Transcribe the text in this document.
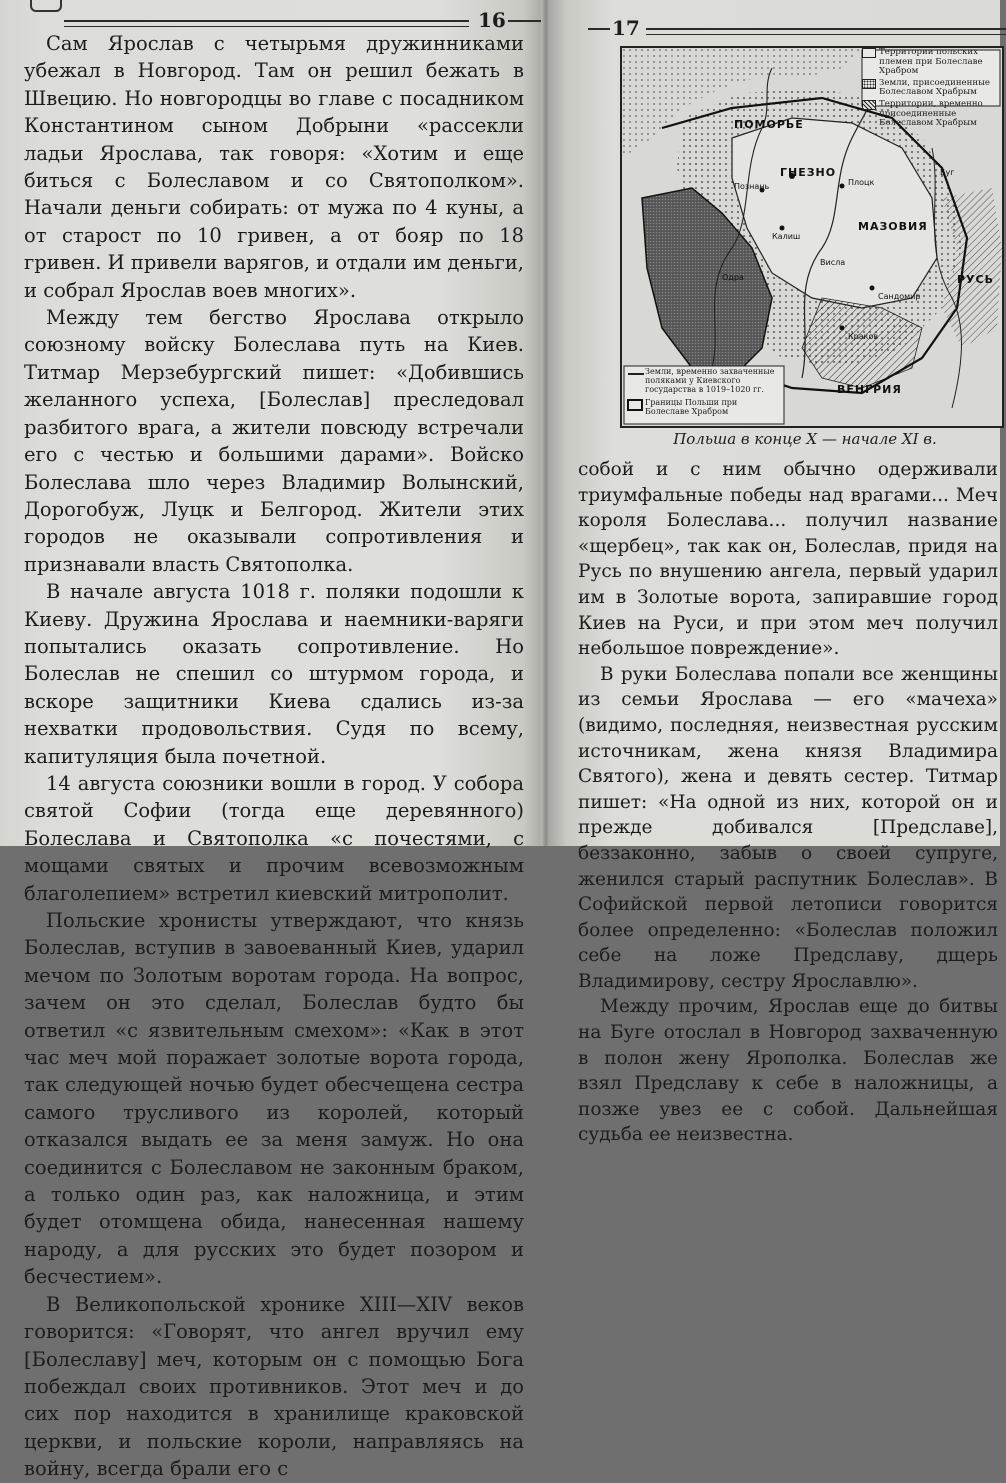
16

Сам Ярослав с четырьмя дружинниками убежал в Новгород. Там он решил бежать в Швецию. Но новгородцы во главе с посадником Константином сыном Добрыни «рассекли ладьи Ярослава, так говоря: «Хотим и еще биться с Болеславом и со Святополком». Начали деньги собирать: от мужа по 4 куны, а от старост по 10 гривен, а от бояр по 18 гривен. И привели варягов, и отдали им деньги, и собрал Ярослав воев многих».

Между тем бегство Ярослава открыло союзному войску Болеслава путь на Киев. Титмар Мерзебургский пишет: «Добившись желанного успеха, [Болеслав] преследовал разбитого врага, а жители повсюду встречали его с честью и большими дарами». Войско Болеслава шло через Владимир Волынский, Дорогобуж, Луцк и Белгород. Жители этих городов не оказывали сопротивления и признавали власть Святополка.

В начале августа 1018 г. поляки подошли к Киеву. Дружина Ярослава и наемники-варяги попытались оказать сопротивление. Но Болеслав не спешил со штурмом города, и вскоре защитники Киева сдались из-за нехватки продовольствия. Судя по всему, капитуляция была почетной.

14 августа союзники вошли в город. У собора святой Софии (тогда еще деревянного) Болеслава и Святополка «с почестями, с мощами святых и прочим всевозможным благолепием» встретил киевский митрополит.

Польские хронисты утверждают, что князь Болеслав, вступив в завоеванный Киев, ударил мечом по Золотым воротам города. На вопрос, зачем он это сделал, Болеслав будто бы ответил «с язвительным смехом»: «Как в этот час меч мой поражает золотые ворота города, так следующей ночью будет обесчещена сестра самого трусливого из королей, который отказался выдать ее за меня замуж. Но она соединится с Болеславом не законным браком, а только один раз, как наложница, и этим будет отомщена обида, нанесенная нашему народу, а для русских это будет позором и бесчестием».

В Великопольской хронике XIII—XIV веков говорится: «Говорят, что ангел вручил ему [Болеславу] меч, которым он с помощью Бога побеждал своих противников. Этот меч и до сих пор находится в хранилище краковской церкви, и польские короли, направляясь на войну, всегда брали его с

17
ГНЕЗНО
Познань
Калиш
Плоцк
Буг
Висла
Одра
ВЕНГРИЯ
РУСЬ
Краков
Сандомир
ПОМОРЬЕ
МАЗОВИЯ
Территории польских племен при Болеславе Храбром
Земли, присоединенные Болеславом Храбрым
Территории, временно присоединенные Болеславом Храбрым
Земли, временно захваченные поляками у Киевского государства в 1019–1020 гг.
Границы Польши при Болеславе Храбром
Польша в конце X — начале XI в.

собой и с ним обычно одерживали триумфальные победы над врагами... Меч короля Болеслава... получил название «щербец», так как он, Болеслав, придя на Русь по внушению ангела, первый ударил им в Золотые ворота, запиравшие город Киев на Руси, и при этом меч получил небольшое повреждение».

В руки Болеслава попали все женщины из семьи Ярослава — его «мачеха» (видимо, последняя, неизвестная русским источникам, жена князя Владимира Святого), жена и девять сестер. Титмар пишет: «На одной из них, которой он и прежде добивался [Предславе], беззаконно, забыв о своей супруге, женился старый распутник Болеслав». В Софийской первой летописи говорится более определенно: «Болеслав положил себе на ложе Предславу, дщерь Владимирову, сестру Ярославлю».

Между прочим, Ярослав еще до битвы на Буге отослал в Новгород захваченную в полон жену Ярополка. Болеслав же взял Предславу к себе в наложницы, а позже увез ее с собой. Дальнейшая судьба ее неизвестна.
